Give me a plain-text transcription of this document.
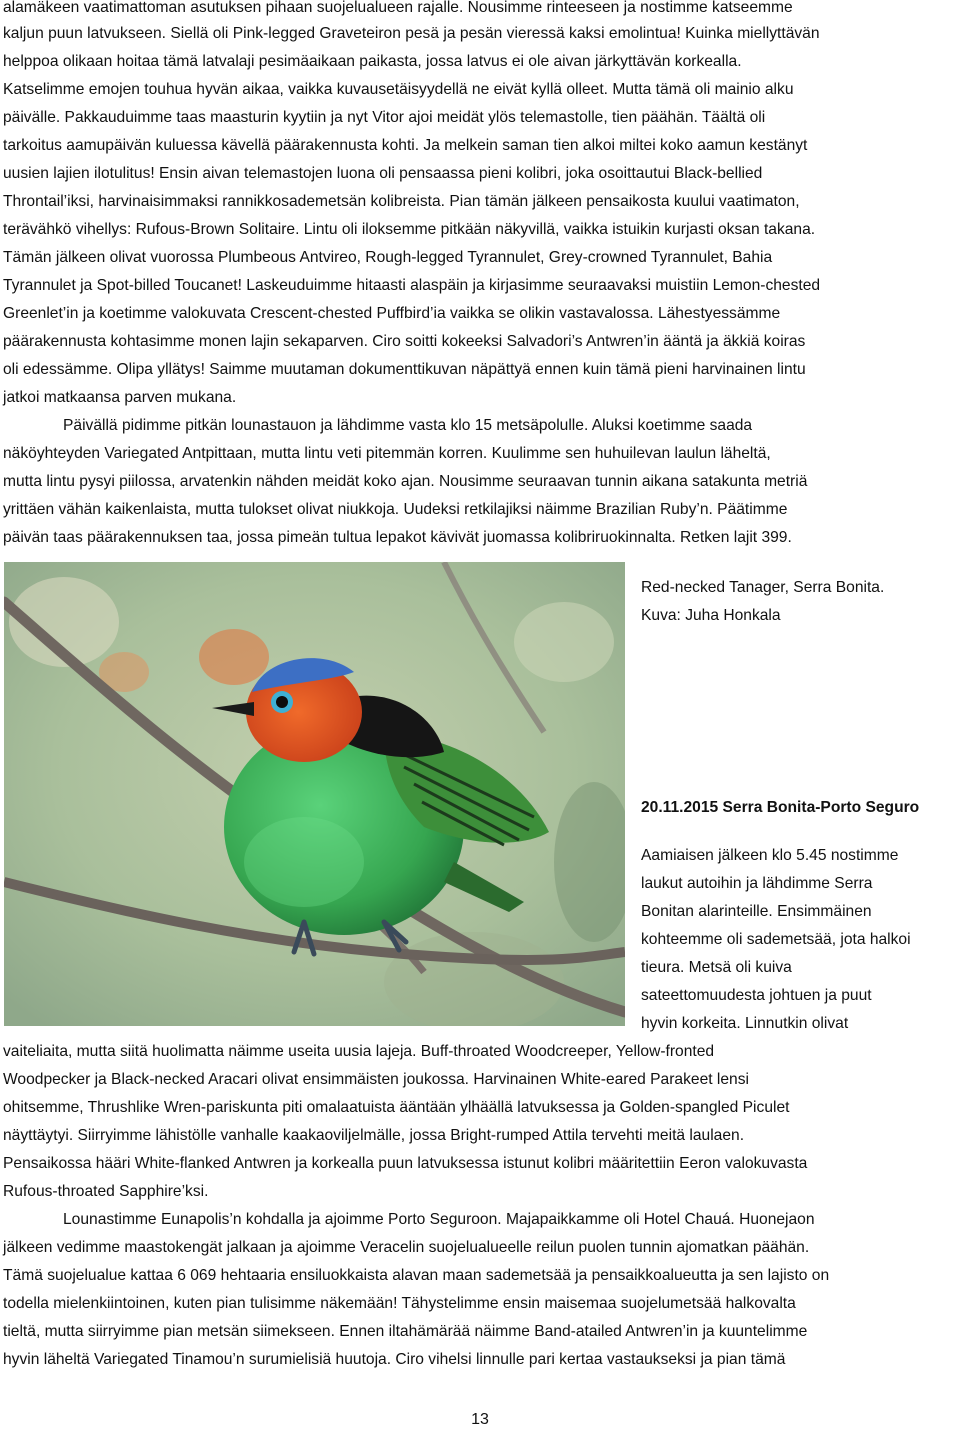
alamäkeen vaatimattoman asutuksen pihaan suojelualueen rajalle. Nousimme rinteeseen ja nostimme katseemme
kaljun puun latvukseen. Siellä oli Pink-legged Graveteiron pesä ja pesän vieressä kaksi emolintua! Kuinka miellyttävän
helppoa olikaan hoitaa tämä latvalaji pesimäaikaan paikasta, jossa latvus ei ole aivan järkyttävän korkealla.
Katselimme emojen touhua hyvän aikaa, vaikka kuvausetäisyydellä ne eivät kyllä olleet. Mutta tämä oli mainio alku
päivälle. Pakkauduimme taas maasturin kyytiin ja nyt Vitor ajoi meidät ylös telemastolle, tien päähän. Täältä oli
tarkoitus aamupäivän kuluessa kävellä päärakennusta kohti. Ja melkein saman tien alkoi miltei koko aamun kestänyt
uusien lajien ilotulitus! Ensin aivan telemastojen luona oli pensaassa pieni kolibri, joka osoittautui Black-bellied
Throntail’iksi, harvinaisimmaksi rannikkosademetsän kolibreista. Pian tämän jälkeen pensaikosta kuului vaatimaton,
terävähkö vihellys: Rufous-Brown Solitaire. Lintu oli iloksemme pitkään näkyvillä, vaikka istuikin kurjasti oksan takana.
Tämän jälkeen olivat vuorossa Plumbeous Antvireo, Rough-legged Tyrannulet, Grey-crowned Tyrannulet, Bahia
Tyrannulet ja Spot-billed Toucanet! Laskeuduimme hitaasti alaspäin ja kirjasimme seuraavaksi muistiin Lemon-chested
Greenlet’in ja koetimme valokuvata Crescent-chested Puffbird’ia vaikka se olikin vastavalossa. Lähestyessämme
päärakennusta kohtasimme monen lajin sekaparven. Ciro soitti kokeeksi Salvadori’s Antwren’in ääntä ja äkkiä koiras
oli edessämme. Olipa yllätys! Saimme muutaman dokumenttikuvan näpättyä ennen kuin tämä pieni harvinainen lintu
jatkoi matkaansa parven mukana.
Päivällä pidimme pitkän lounastauon ja lähdimme vasta klo 15 metsäpolulle. Aluksi koetimme saada
näköyhteyden Variegated Antpittaan, mutta lintu veti pitemmän korren. Kuulimme sen huhuilevan laulun läheltä,
mutta lintu pysyi piilossa, arvatenkin nähden meidät koko ajan. Nousimme seuraavan tunnin aikana satakunta metriä
yrittäen vähän kaikenlaista, mutta tulokset olivat niukkoja. Uudeksi retkilajiksi näimme Brazilian Ruby’n. Päätimme
päivän taas päärakennuksen taa, jossa pimeän tultua lepakot kävivät juomassa kolibriruokinnalta. Retken lajit 399.
Red-necked Tanager, Serra Bonita.
Kuva: Juha Honkala
20.11.2015 Serra Bonita-Porto Seguro
Aamiaisen jälkeen klo 5.45 nostimme
laukut autoihin ja lähdimme Serra
Bonitan alarinteille. Ensimmäinen
kohteemme oli sademetsää, jota halkoi
tieura. Metsä oli kuiva
sateettomuudesta johtuen ja puut
hyvin korkeita. Linnutkin olivat
vaiteliaita, mutta siitä huolimatta näimme useita uusia lajeja. Buff-throated Woodcreeper, Yellow-fronted
Woodpecker ja Black-necked Aracari olivat ensimmäisten joukossa. Harvinainen White-eared Parakeet lensi
ohitsemme, Thrushlike Wren-pariskunta piti omalaatuista ääntään ylhäällä latvuksessa ja Golden-spangled Piculet
näyttäytyi. Siirryimme lähistölle vanhalle kaakaoviljelmälle, jossa Bright-rumped Attila tervehti meitä laulaen.
Pensaikossa hääri White-flanked Antwren ja korkealla puun latvuksessa istunut kolibri määritettiin Eeron valokuvasta
Rufous-throated Sapphire’ksi.
Lounastimme Eunapolis’n kohdalla ja ajoimme Porto Seguroon. Majapaikkamme oli Hotel Chauá. Huonejaon
jälkeen vedimme maastokengät jalkaan ja ajoimme Veracelin suojelualueelle reilun puolen tunnin ajomatkan päähän.
Tämä suojelualue kattaa 6 069 hehtaaria ensiluokkaista alavan maan sademetsää ja pensaikkoalueutta ja sen lajisto on
todella mielenkiintoinen, kuten pian tulisimme näkemään! Tähystelimme ensin maisemaa suojelumetsää halkovalta
tieltä, mutta siirryimme pian metsän siimekseen. Ennen iltahämärää näimme Band-atailed Antwren’in ja kuuntelimme
hyvin läheltä Variegated Tinamou’n surumielisiä huutoja. Ciro vihelsi linnulle pari kertaa vastaukseksi ja pian tämä
13
